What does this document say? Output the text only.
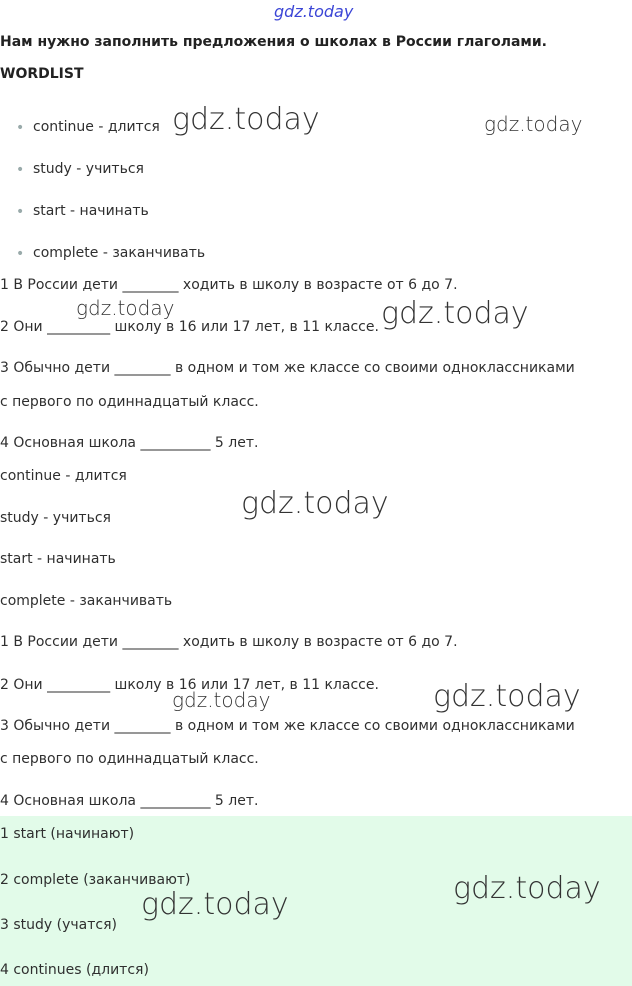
gdz.today
Нам нужно заполнить предложения о школах в России глаголами.
WORDLIST
• continue - длится
• study - учиться
• start - начинать
• complete - заканчивать
1 В России дети ________ ходить в школу в возрасте от 6 до 7.
2 Они _________ школу в 16 или 17 лет, в 11 классе.
3 Обычно дети ________ в одном и том же классе со своими одноклассниками
с первого по одиннадцатый класс.
4 Основная школа __________ 5 лет.
continue - длится
study - учиться
start - начинать
complete - заканчивать
1 В России дети ________ ходить в школу в возрасте от 6 до 7.
2 Они _________ школу в 16 или 17 лет, в 11 классе.
3 Обычно дети ________ в одном и том же классе со своими одноклассниками
с первого по одиннадцатый класс.
4 Основная школа __________ 5 лет.
1 start (начинают)
2 complete (заканчивают)
3 study (учатся)
4 continues (длится)
gdz.today	gdz.today
gdz.today	gdz.today
gdz.today
gdz.today	gdz.today
gdz.today
gdz.today
